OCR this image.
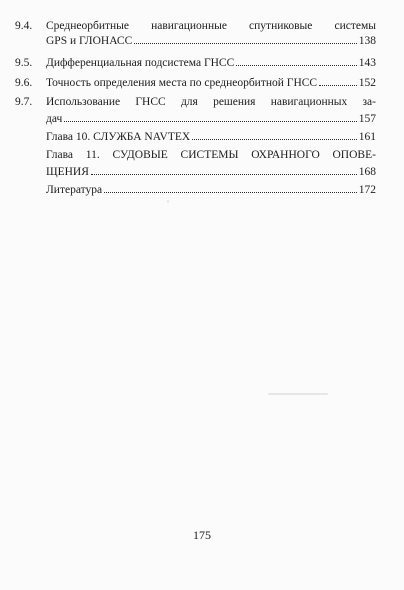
9.4. Среднеорбитные навигационные спутниковые системы
GPS и ГЛОНАСС	138
9.5. Дифференциальная подсистема ГНСС	143
9.6. Точность определения места по среднеорбитной ГНСС	152
9.7. Использование ГНСС для решения навигационных за-
дач	157
Глава 10. СЛУЖБА NAVTEX	161
Глава 11. СУДОВЫЕ СИСТЕМЫ ОХРАННОГО ОПОВЕ-
ЩЕНИЯ	168
Литература	172
175
